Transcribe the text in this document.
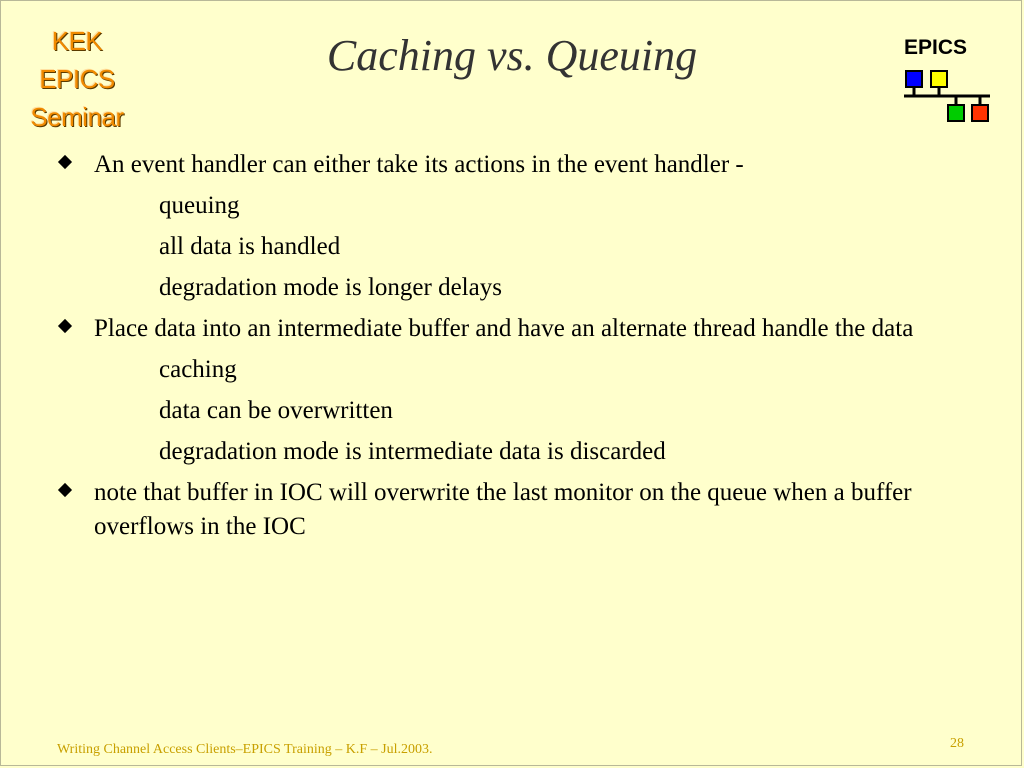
KEK
EPICS
Seminar
Caching vs. Queuing	EPICS
An event handler can either take its actions in the event handler -
queuing
all data is handled
degradation mode is longer delays
Place data into an intermediate buffer and have an alternate thread handle the data
caching
data can be overwritten
degradation mode is intermediate data is discarded
note that buffer in IOC will overwrite the last monitor on the queue when a buffer overflows in the IOC
Writing Channel Access Clients–EPICS Training – K.F – Jul.2003.	28
